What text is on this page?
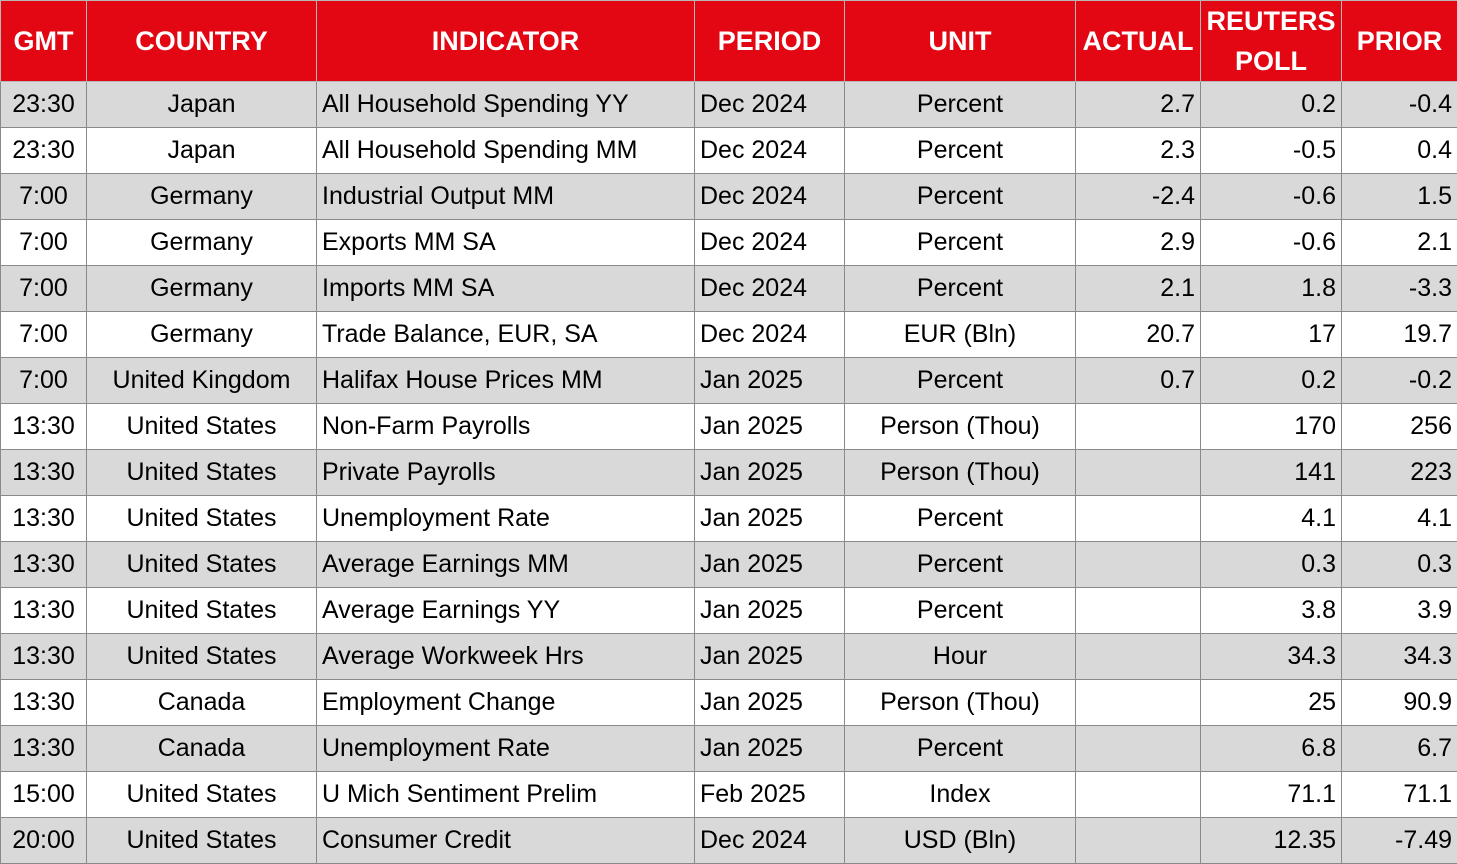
GMT	COUNTRY	INDICATOR	PERIOD	UNIT	ACTUAL	REUTERS POLL	PRIOR
23:30	Japan	All Household Spending YY	Dec 2024	Percent	2.7	0.2	-0.4
23:30	Japan	All Household Spending MM	Dec 2024	Percent	2.3	-0.5	0.4
7:00	Germany	Industrial Output MM	Dec 2024	Percent	-2.4	-0.6	1.5
7:00	Germany	Exports MM SA	Dec 2024	Percent	2.9	-0.6	2.1
7:00	Germany	Imports MM SA	Dec 2024	Percent	2.1	1.8	-3.3
7:00	Germany	Trade Balance, EUR, SA	Dec 2024	EUR (Bln)	20.7	17	19.7
7:00	United Kingdom	Halifax House Prices MM	Jan 2025	Percent	0.7	0.2	-0.2
13:30	United States	Non-Farm Payrolls	Jan 2025	Person (Thou)		170	256
13:30	United States	Private Payrolls	Jan 2025	Person (Thou)		141	223
13:30	United States	Unemployment Rate	Jan 2025	Percent		4.1	4.1
13:30	United States	Average Earnings MM	Jan 2025	Percent		0.3	0.3
13:30	United States	Average Earnings YY	Jan 2025	Percent		3.8	3.9
13:30	United States	Average Workweek Hrs	Jan 2025	Hour		34.3	34.3
13:30	Canada	Employment Change	Jan 2025	Person (Thou)		25	90.9
13:30	Canada	Unemployment Rate	Jan 2025	Percent		6.8	6.7
15:00	United States	U Mich Sentiment Prelim	Feb 2025	Index		71.1	71.1
20:00	United States	Consumer Credit	Dec 2024	USD (Bln)		12.35	-7.49
